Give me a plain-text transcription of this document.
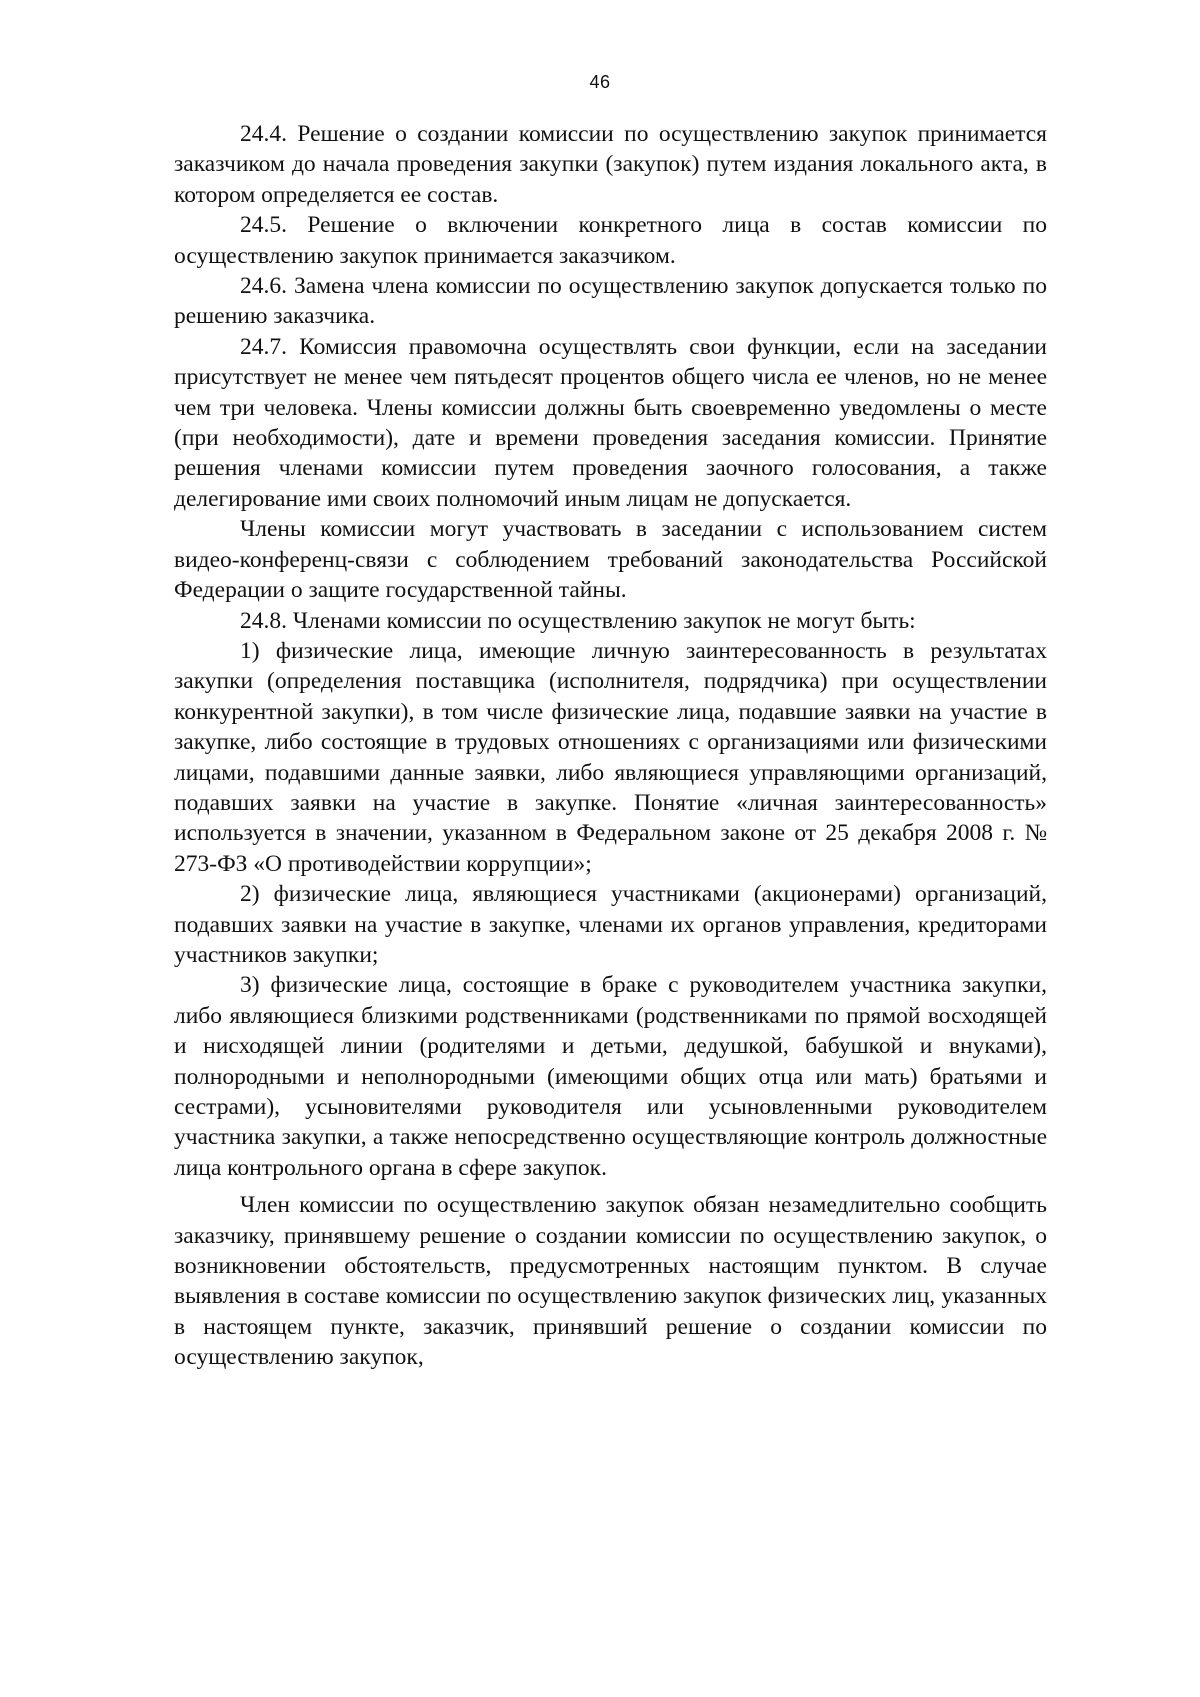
46

24.4. Решение о создании комиссии по осуществлению закупок принимается заказчиком до начала проведения закупки (закупок) путем издания локального акта, в котором определяется ее состав.

24.5. Решение о включении конкретного лица в состав комиссии по осуществлению закупок принимается заказчиком.

24.6. Замена члена комиссии по осуществлению закупок допускается только по решению заказчика.

24.7. Комиссия правомочна осуществлять свои функции, если на заседании присутствует не менее чем пятьдесят процентов общего числа ее членов, но не менее чем три человека. Члены комиссии должны быть своевременно уведомлены о месте (при необходимости), дате и времени проведения заседания комиссии. Принятие решения членами комиссии путем проведения заочного голосования, а также делегирование ими своих полномочий иным лицам не допускается.

Члены комиссии могут участвовать в заседании с использованием систем видео-конференц-связи с соблюдением требований законодательства Российской Федерации о защите государственной тайны.

24.8. Членами комиссии по осуществлению закупок не могут быть:

1) физические лица, имеющие личную заинтересованность в результатах закупки (определения поставщика (исполнителя, подрядчика) при осуществлении конкурентной закупки), в том числе физические лица, подавшие заявки на участие в закупке, либо состоящие в трудовых отношениях с организациями или физическими лицами, подавшими данные заявки, либо являющиеся управляющими организаций, подавших заявки на участие в закупке. Понятие «личная заинтересованность» используется в значении, указанном в Федеральном законе от 25 декабря 2008 г. № 273-ФЗ «О противодействии коррупции»;

2) физические лица, являющиеся участниками (акционерами) организаций, подавших заявки на участие в закупке, членами их органов управления, кредиторами участников закупки;

3) физические лица, состоящие в браке с руководителем участника закупки, либо являющиеся близкими родственниками (родственниками по прямой восходящей и нисходящей линии (родителями и детьми, дедушкой, бабушкой и внуками), полнородными и неполнородными (имеющими общих отца или мать) братьями и сестрами), усыновителями руководителя или усыновленными руководителем участника закупки, а также непосредственно осуществляющие контроль должностные лица контрольного органа в сфере закупок.

Член комиссии по осуществлению закупок обязан незамедлительно сообщить заказчику, принявшему решение о создании комиссии по осуществлению закупок, о возникновении обстоятельств, предусмотренных настоящим пунктом. В случае выявления в составе комиссии по осуществлению закупок физических лиц, указанных в настоящем пункте, заказчик, принявший решение о создании комиссии по осуществлению закупок,
